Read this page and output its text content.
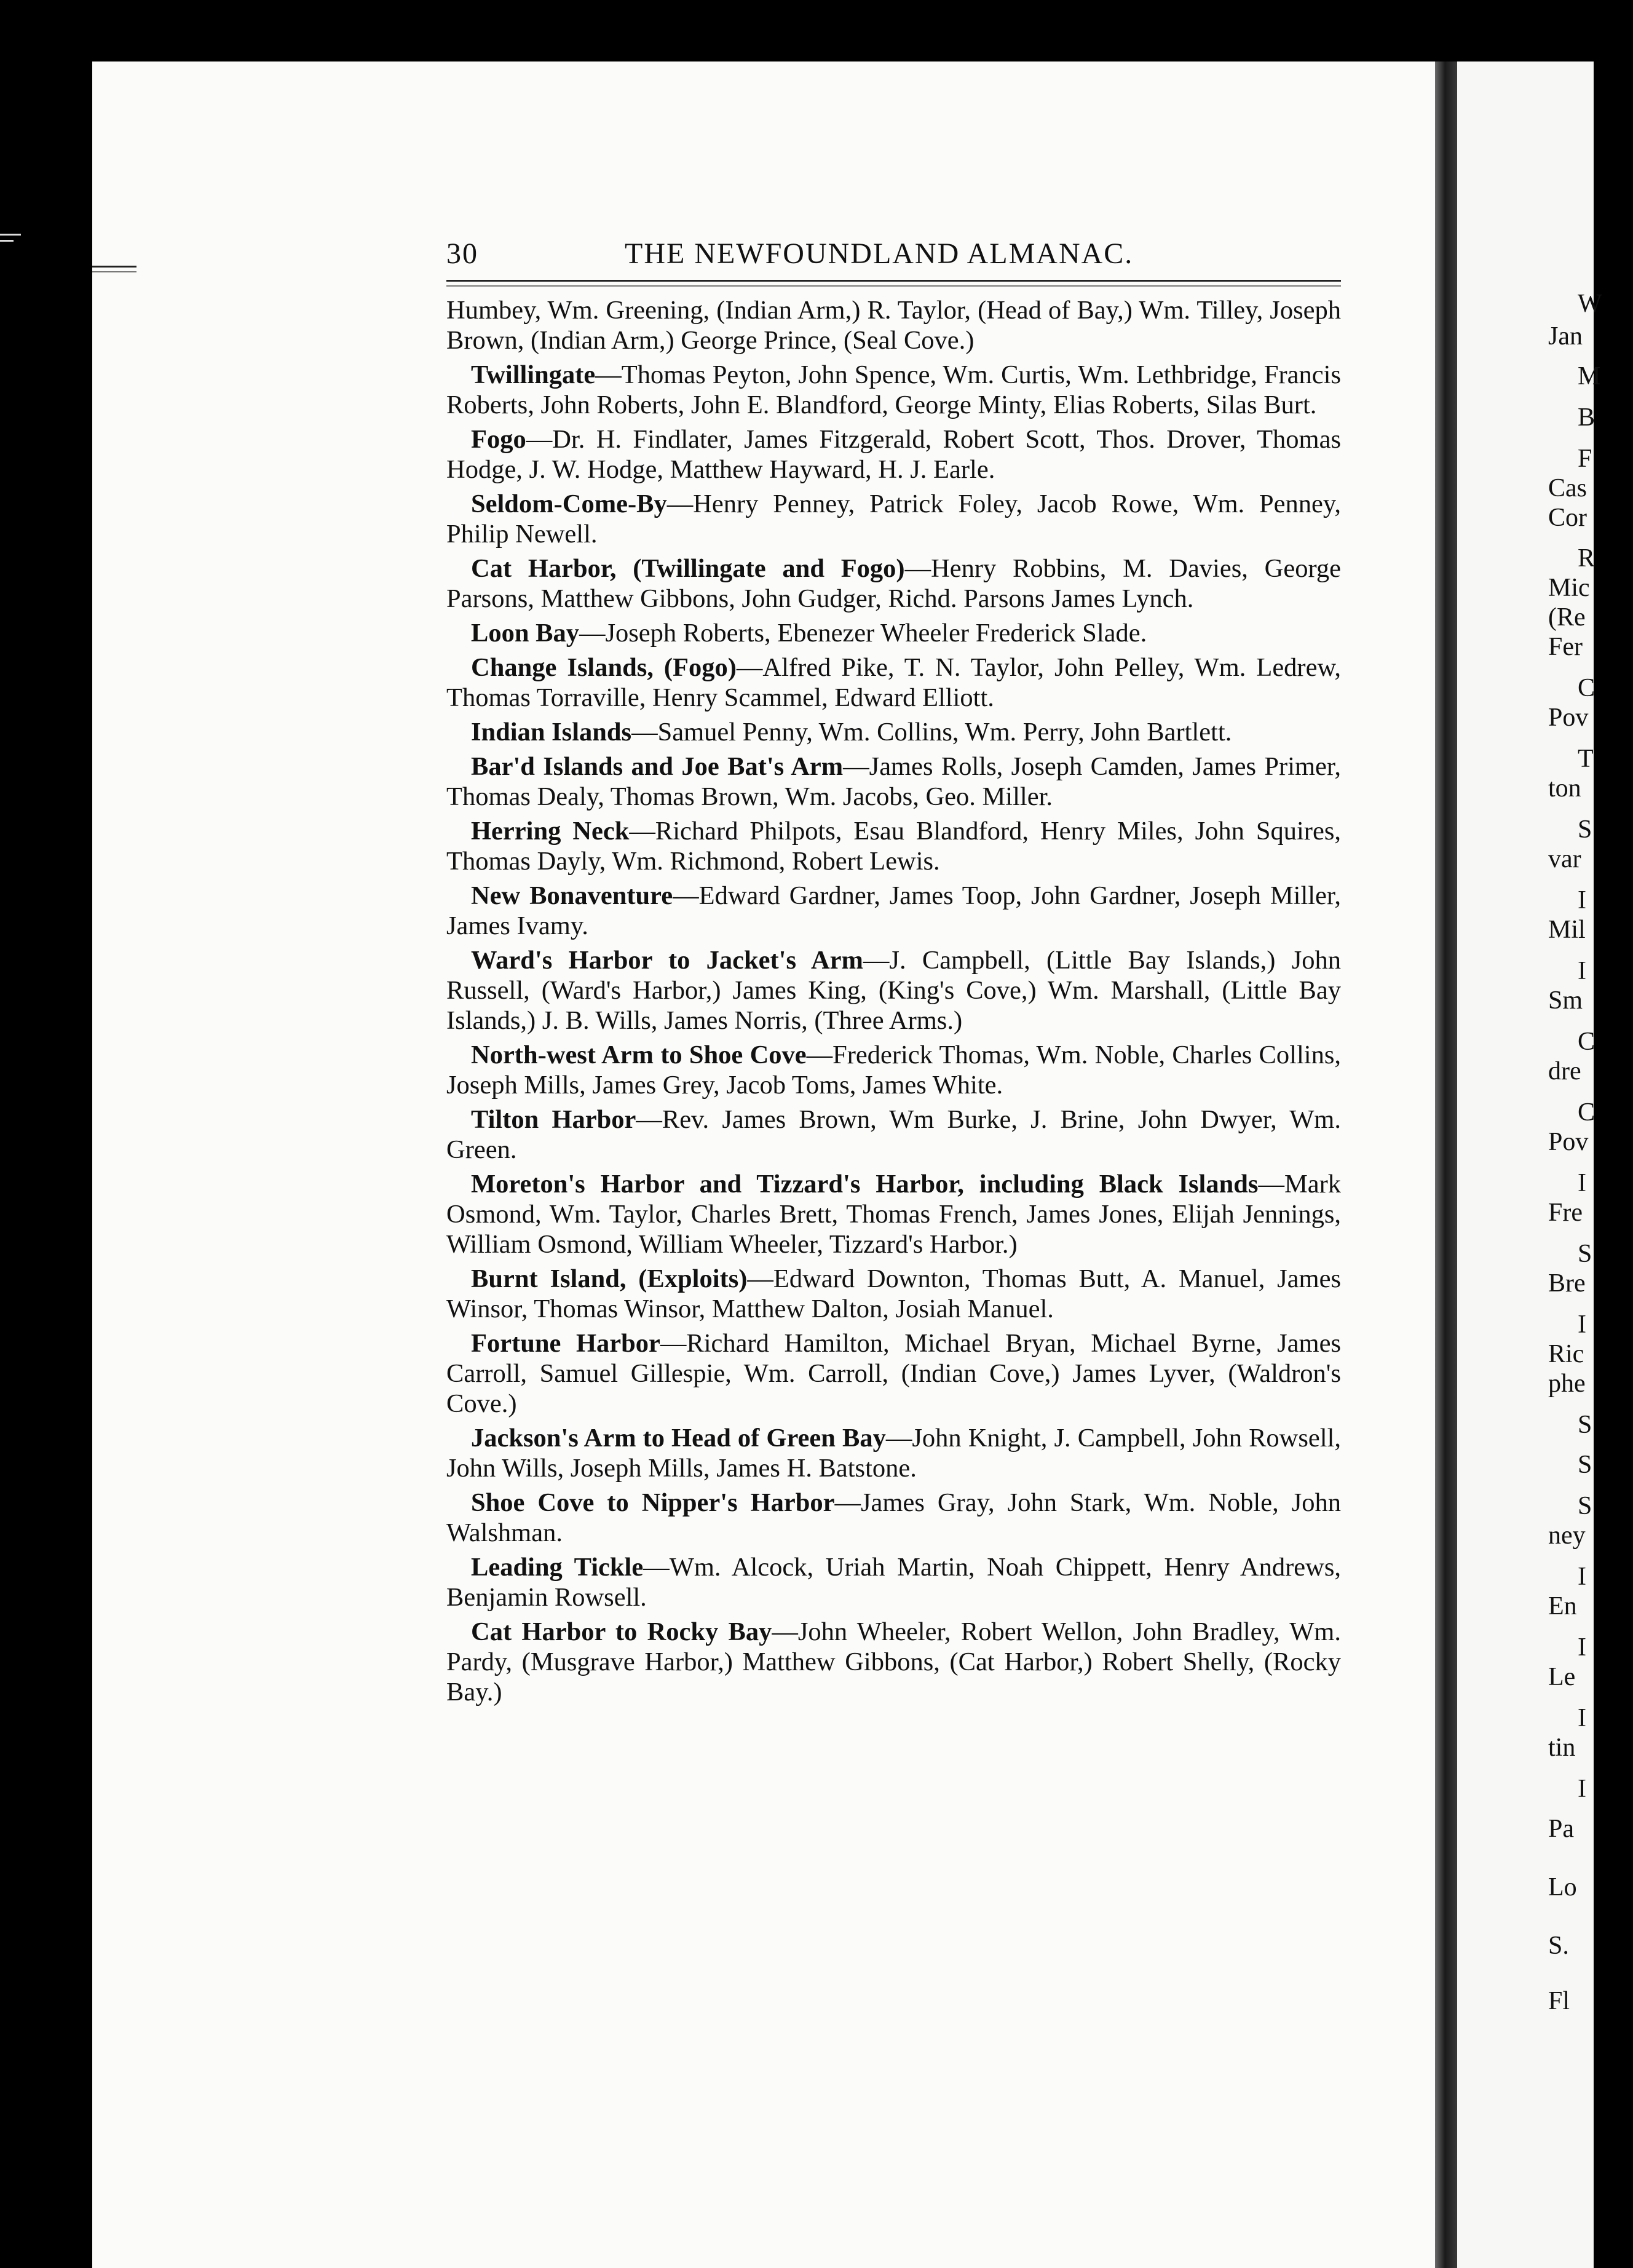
30	THE NEWFOUNDLAND ALMANAC.

Humbey, Wm. Greening, (Indian Arm,) R. Taylor, (Head of Bay,) Wm. Tilley, Joseph Brown, (Indian Arm,) George Prince, (Seal Cove.)

Twillingate—Thomas Peyton, John Spence, Wm. Curtis, Wm. Lethbridge, Francis Roberts, John Roberts, John E. Blandford, George Minty, Elias Roberts, Silas Burt.

Fogo—Dr. H. Findlater, James Fitzgerald, Robert Scott, Thos. Drover, Thomas Hodge, J. W. Hodge, Matthew Hayward, H. J. Earle.

Seldom-Come-By—Henry Penney, Patrick Foley, Jacob Rowe, Wm. Penney, Philip Newell.

Cat Harbor, (Twillingate and Fogo)—Henry Robbins, M. Davies, George Parsons, Matthew Gibbons, John Gudger, Richd. Parsons James Lynch.

Loon Bay—Joseph Roberts, Ebenezer Wheeler Frederick Slade.

Change Islands, (Fogo)—Alfred Pike, T. N. Taylor, John Pelley, Wm. Ledrew, Thomas Torraville, Henry Scammel, Edward Elliott.

Indian Islands—Samuel Penny, Wm. Collins, Wm. Perry, John Bartlett.

Bar'd Islands and Joe Bat's Arm—James Rolls, Joseph Camden, James Primer, Thomas Dealy, Thomas Brown, Wm. Jacobs, Geo. Miller.

Herring Neck—Richard Philpots, Esau Blandford, Henry Miles, John Squires, Thomas Dayly, Wm. Richmond, Robert Lewis.

New Bonaventure—Edward Gardner, James Toop, John Gardner, Joseph Miller, James Ivamy.

Ward's Harbor to Jacket's Arm—J. Campbell, (Little Bay Islands,) John Russell, (Ward's Harbor,) James King, (King's Cove,) Wm. Marshall, (Little Bay Islands,) J. B. Wills, James Norris, (Three Arms.)

North-west Arm to Shoe Cove—Frederick Thomas, Wm. Noble, Charles Collins, Joseph Mills, James Grey, Jacob Toms, James White.

Tilton Harbor—Rev. James Brown, Wm Burke, J. Brine, John Dwyer, Wm. Green.

Moreton's Harbor and Tizzard's Harbor, including Black Islands—Mark Osmond, Wm. Taylor, Charles Brett, Thomas French, James Jones, Elijah Jennings, William Osmond, William Wheeler, Tizzard's Harbor.)

Burnt Island, (Exploits)—Edward Downton, Thomas Butt, A. Manuel, James Winsor, Thomas Winsor, Matthew Dalton, Josiah Manuel.

Fortune Harbor—Richard Hamilton, Michael Bryan, Michael Byrne, James Carroll, Samuel Gillespie, Wm. Carroll, (Indian Cove,) James Lyver, (Waldron's Cove.)

Jackson's Arm to Head of Green Bay—John Knight, J. Campbell, John Rowsell, John Wills, Joseph Mills, James H. Batstone.

Shoe Cove to Nipper's Harbor—James Gray, John Stark, Wm. Noble, John Walshman.

Leading Tickle—Wm. Alcock, Uriah Martin, Noah Chippett, Henry Andrews, Benjamin Rowsell.

Cat Harbor to Rocky Bay—John Wheeler, Robert Wellon, John Bradley, Wm. Pardy, (Musgrave Harbor,) Matthew Gibbons, (Cat Harbor,) Robert Shelly, (Rocky Bay.)

W
Jan
M
B
F
Cas
Cor
R
Mic
(Re
Fer
C
Pov
T
ton
S
var
I
Mil
I
Sm
C
dre
C
Pov
I
Fre
S
Bre
I
Ric
phe
S
S
S
ney
I
En
I
Le
I
tin
I
Pa
Lo
S.
Fl
